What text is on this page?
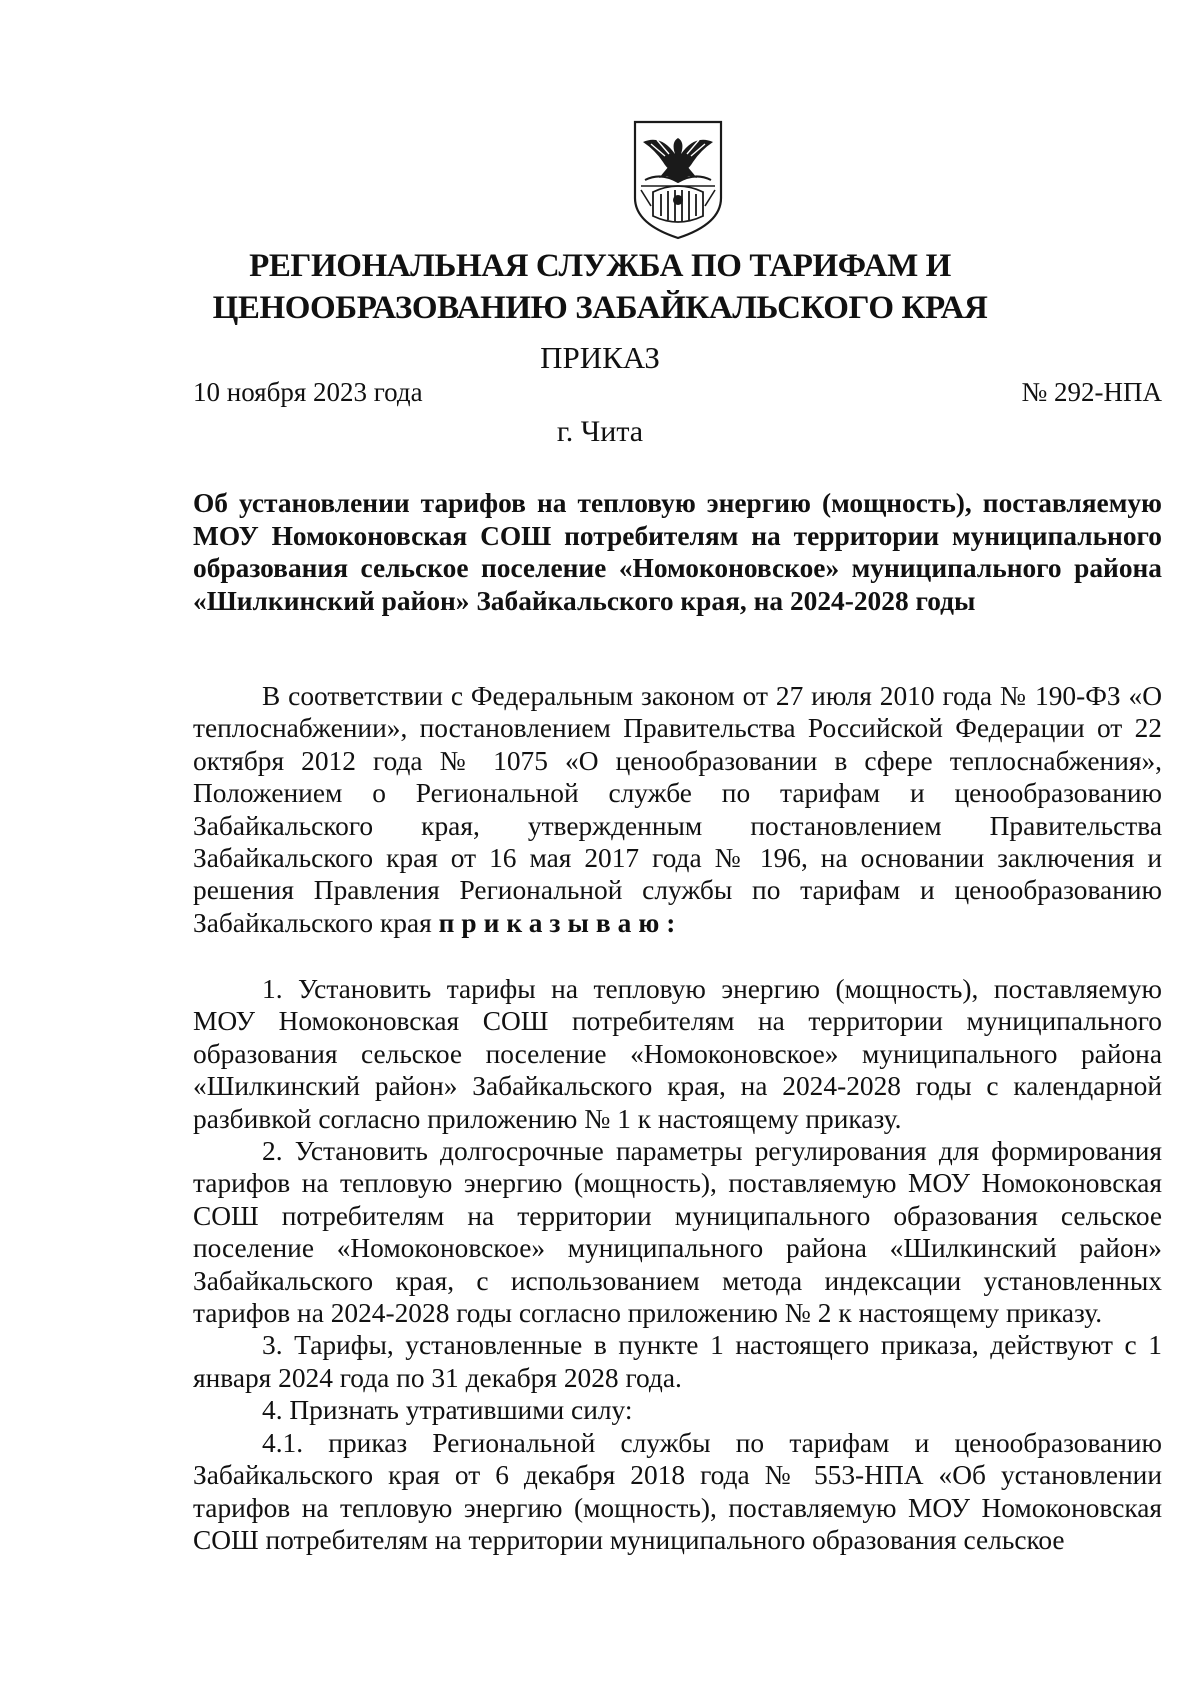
РЕГИОНАЛЬНАЯ СЛУЖБА ПО ТАРИФАМ И
ЦЕНООБРАЗОВАНИЮ ЗАБАЙКАЛЬСКОГО КРАЯ
ПРИКАЗ
10 ноября 2023 года	№ 292-НПА
г. Чита

Об установлении тарифов на тепловую энергию (мощность), поставляемую МОУ Номоконовская СОШ потребителям на территории муниципального образования сельское поселение «Номоконовское» муниципального района «Шилкинский район» Забайкальского края, на 2024-2028 годы

В соответствии с Федеральным законом от 27 июля 2010 года № 190-ФЗ «О теплоснабжении», постановлением Правительства Российской Федерации от 22 октября 2012 года № 1075 «О ценообразовании в сфере теплоснабжения», Положением о Региональной службе по тарифам и ценообразованию Забайкальского края, утвержденным постановлением Правительства Забайкальского края от 16 мая 2017 года № 196, на основании заключения и решения Правления Региональной службы по тарифам и ценообразованию Забайкальского края приказываю:

1. Установить тарифы на тепловую энергию (мощность), поставляемую МОУ Номоконовская СОШ потребителям на территории муниципального образования сельское поселение «Номоконовское» муниципального района «Шилкинский район» Забайкальского края, на 2024-2028 годы с календарной разбивкой согласно приложению № 1 к настоящему приказу.

2. Установить долгосрочные параметры регулирования для формирования тарифов на тепловую энергию (мощность), поставляемую МОУ Номоконовская СОШ потребителям на территории муниципального образования сельское поселение «Номоконовское» муниципального района «Шилкинский район» Забайкальского края, с использованием метода индексации установленных тарифов на 2024-2028 годы согласно приложению № 2 к настоящему приказу.

3. Тарифы, установленные в пункте 1 настоящего приказа, действуют с 1 января 2024 года по 31 декабря 2028 года.

4. Признать утратившими силу:

4.1. приказ Региональной службы по тарифам и ценообразованию Забайкальского края от 6 декабря 2018 года № 553-НПА «Об установлении тарифов на тепловую энергию (мощность), поставляемую МОУ Номоконовская СОШ потребителям на территории муниципального образования сельское
